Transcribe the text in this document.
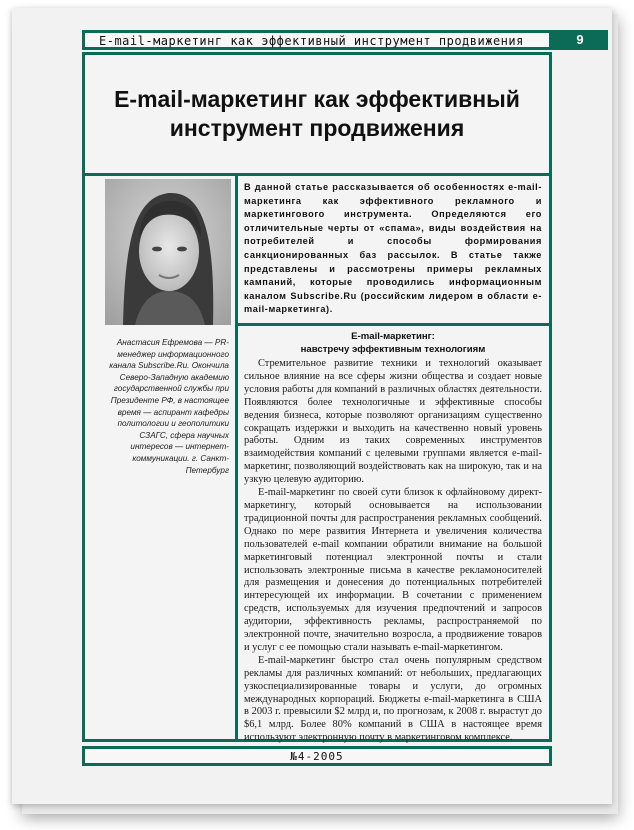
E-mail-маркетинг как эффективный инструмент продвижения	9
E-mail-маркетинг как эффективный
инструмент продвижения
Анастасия Ефремова — PR-менеджер информационного канала Subscribe.Ru. Окончила Северо-Западную академию государственной службы при Президенте РФ, в настоящее время — аспирант кафедры политологии и геополитики СЗАГС, сфера научных интересов — интернет-коммуникации. г. Санкт-Петербург
В данной статье рассказывается об особенностях e-mail-маркетинга как эффективного рекламного и маркетингового инструмента. Определяются его отличительные черты от «спама», виды воздействия на потребителей и способы формирования санкционированных баз рассылок. В статье также представлены и рассмотрены примеры рекламных кампаний, которые проводились информационным каналом Subscribe.Ru (российским лидером в области e-mail-маркетинга).
E-mail-маркетинг:
навстречу эффективным технологиям

Стремительное развитие техники и технологий оказывает сильное влияние на все сферы жизни общества и создает новые условия работы для компаний в различных областях деятельности. Появляются более технологичные и эффективные способы ведения бизнеса, которые позволяют организациям существенно сокращать издержки и выходить на качественно новый уровень работы. Одним из таких современных инструментов взаимодействия компаний с целевыми группами является e-mail-маркетинг, позволяющий воздействовать как на широкую, так и на узкую целевую аудиторию.

E-mail-маркетинг по своей сути близок к офлайновому директ-маркетингу, который основывается на использовании традиционной почты для распространения рекламных сообщений. Однако по мере развития Интернета и увеличения количества пользователей e-mail компании обратили внимание на большой маркетинговый потенциал электронной почты и стали использовать электронные письма в качестве рекламоносителей для размещения и донесения до потенциальных потребителей интересующей их информации. В сочетании с применением средств, используемых для изучения предпочтений и запросов аудитории, эффективность рекламы, распространяемой по электронной почте, значительно возросла, а продвижение товаров и услуг с ее помощью стали называть e-mail-маркетингом.

E-mail-маркетинг быстро стал очень популярным средством рекламы для различных компаний: от небольших, предлагающих узкоспециализированные товары и услуги, до огромных международных корпораций. Бюджеты e-mail-маркетинга в США в 2003 г. превысили $2 млрд и, по прогнозам, к 2008 г. вырастут до $6,1 млрд. Более 80% компаний в США в настоящее время используют электронную почту в маркетинговом комплексе.

№4-2005
